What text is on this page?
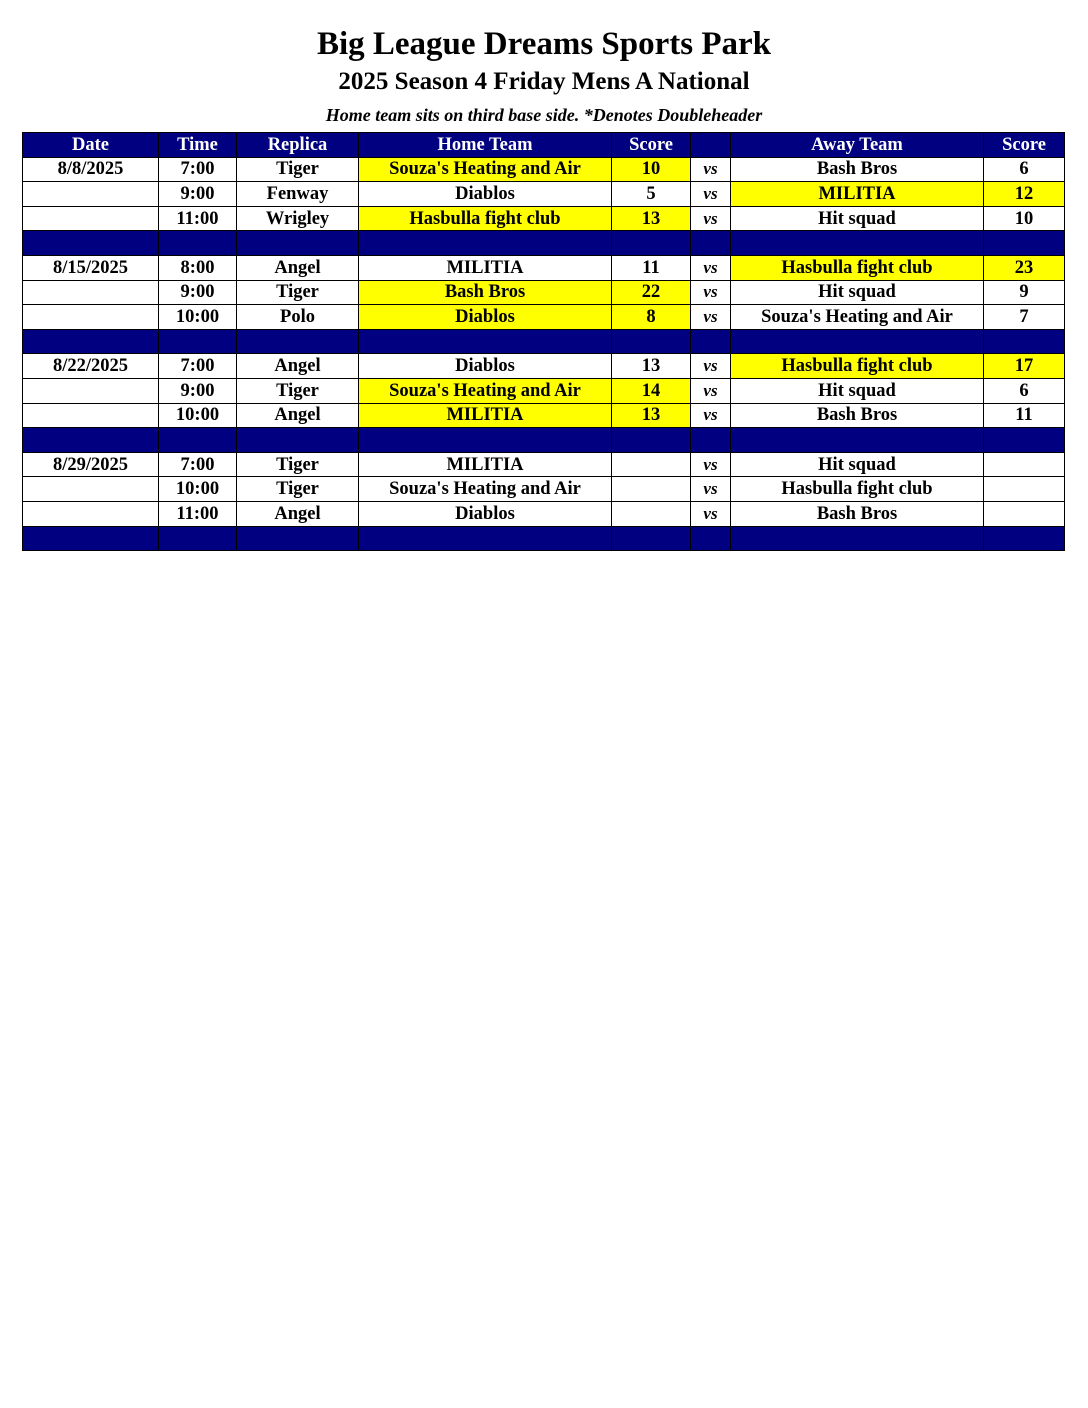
Big League Dreams Sports Park
2025 Season 4 Friday Mens A National
Home team sits on third base side. *Denotes Doubleheader
Date	Time	Replica	Home Team	Score		Away Team	Score
8/8/2025	7:00	Tiger	Souza's Heating and Air	10	vs	Bash Bros	6
	9:00	Fenway	Diablos	5	vs	MILITIA	12
	11:00	Wrigley	Hasbulla fight club	13	vs	Hit squad	10

8/15/2025	8:00	Angel	MILITIA	11	vs	Hasbulla fight club	23
	9:00	Tiger	Bash Bros	22	vs	Hit squad	9
	10:00	Polo	Diablos	8	vs	Souza's Heating and Air	7

8/22/2025	7:00	Angel	Diablos	13	vs	Hasbulla fight club	17
	9:00	Tiger	Souza's Heating and Air	14	vs	Hit squad	6
	10:00	Angel	MILITIA	13	vs	Bash Bros	11

8/29/2025	7:00	Tiger	MILITIA		vs	Hit squad	
	10:00	Tiger	Souza's Heating and Air		vs	Hasbulla fight club	
	11:00	Angel	Diablos		vs	Bash Bros	
